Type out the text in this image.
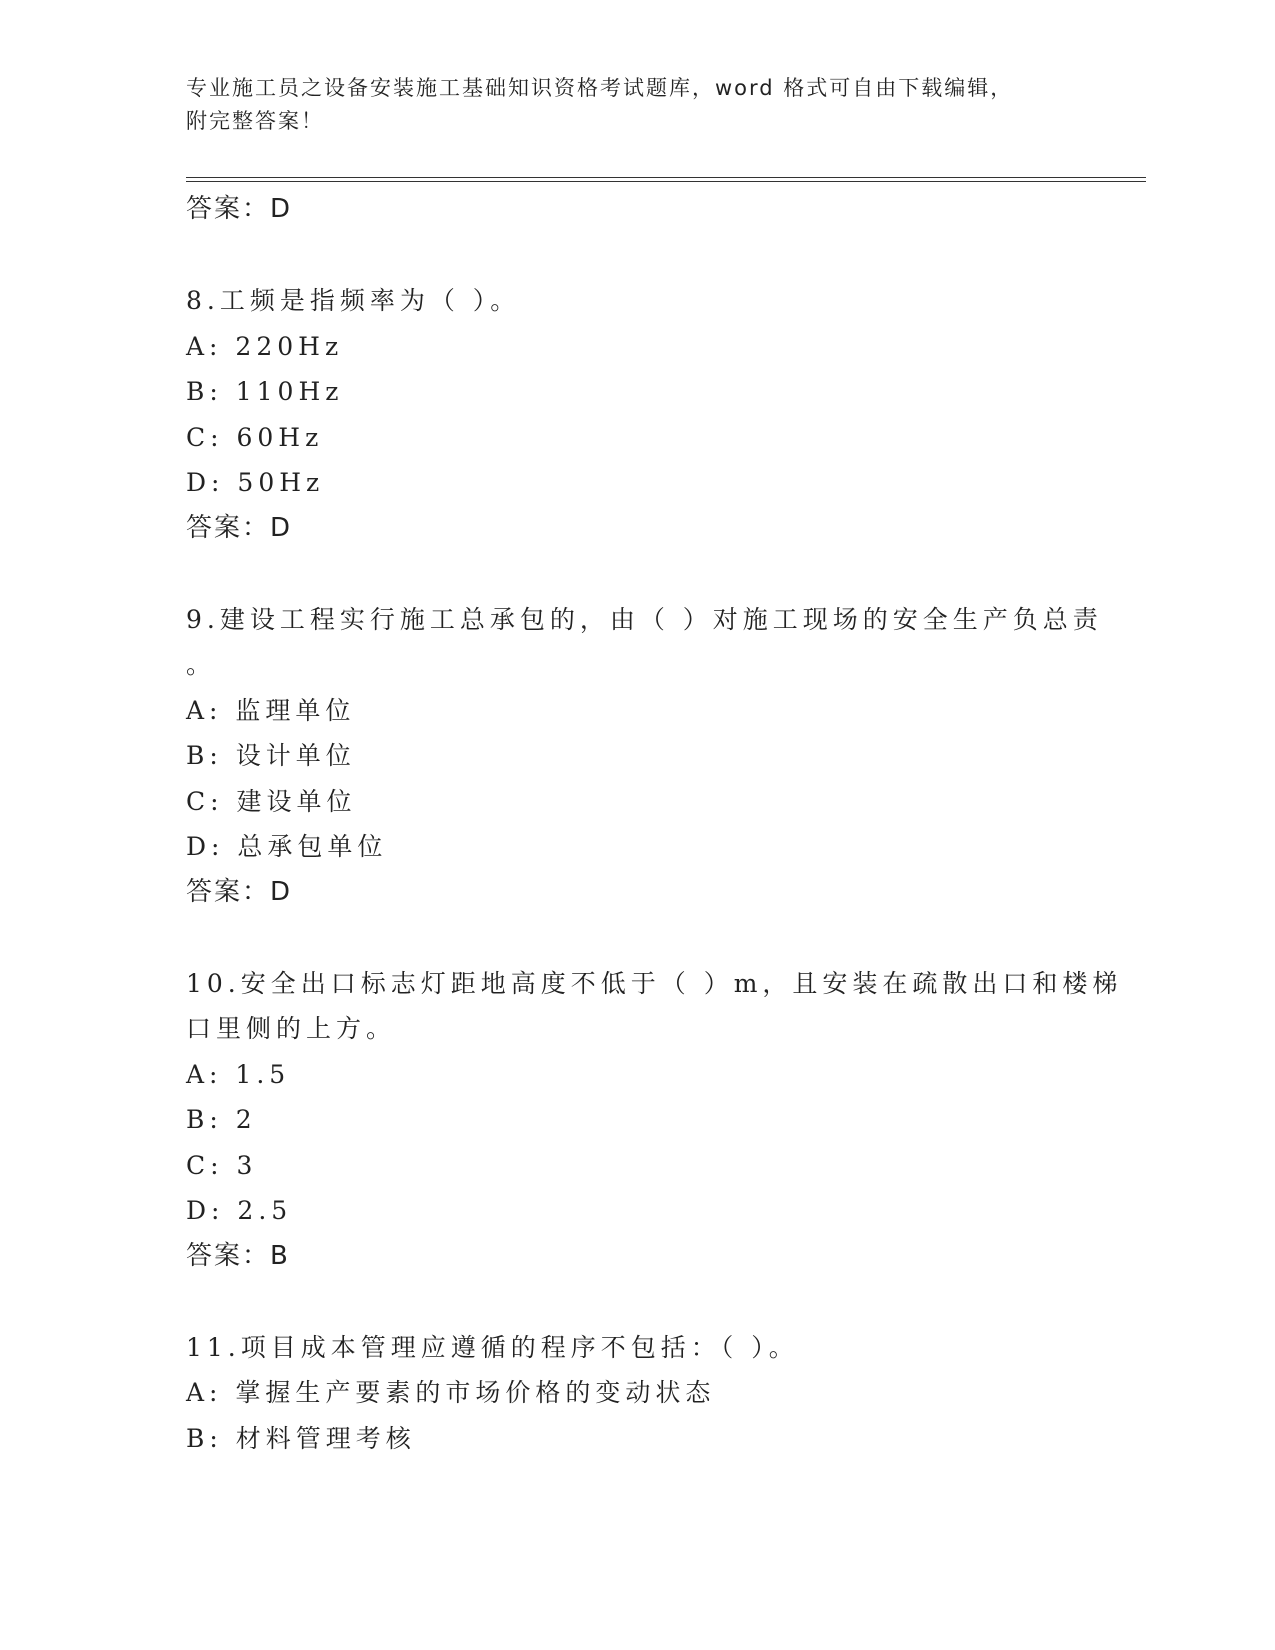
专业施工员之设备安装施工基础知识资格考试题库，word 格式可自由下载编辑，
附完整答案！
答案：D
8.工频是指频率为（ ）。
A: 220Hz
B: 110Hz
C: 60Hz
D: 50Hz
答案：D
9.建设工程实行施工总承包的，由（ ）对施工现场的安全生产负总责
。
A: 监理单位
B: 设计单位
C: 建设单位
D: 总承包单位
答案：D
10.安全出口标志灯距地高度不低于（ ）m，且安装在疏散出口和楼梯
口里侧的上方。
A: 1.5
B: 2
C: 3
D: 2.5
答案：B
11.项目成本管理应遵循的程序不包括：（ ）。
A: 掌握生产要素的市场价格的变动状态
B: 材料管理考核
